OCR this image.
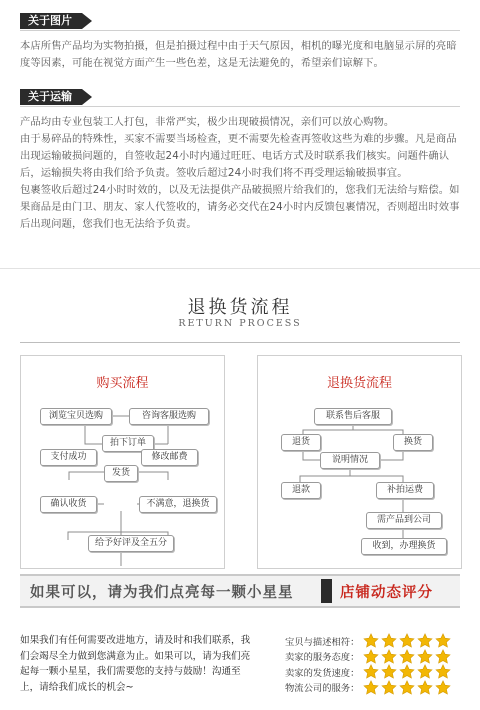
关于图片

本店所售产品均为实物拍摄，但是拍摄过程中由于天气原因，相机的曝光度和电脑显示屏的亮暗度等因素，可能在视觉方面产生一些色差，这是无法避免的，希望亲们谅解下。

关于运输

产品均由专业包装工人打包，非常严实，极少出现破损情况，亲们可以放心购物。

由于易碎品的特殊性，买家不需要当场检查，更不需要先检查再签收这些为难的步骤。凡是商品出现运输破损问题的，自签收起24小时内通过旺旺、电话方式及时联系我们核实。问题件确认后，运输损失将由我们给予负责。签收后超过24小时我们将不再受理运输破损事宜。

包裹签收后超过24小时时效的，以及无法提供产品破损照片给我们的，您我们无法给与赔偿。如果商品是由门卫、朋友、家人代签收的，请务必交代在24小时内反馈包裹情况，否则超出时效事后出现问题，您我们也无法给予负责。

退换货流程
RETURN PROCESS
购买流程
浏览宝贝选购	咨询客服选购
拍下订单
支付成功	修改邮费
发货
确认收货	不满意，退换货
给予好评及全五分
退换货流程
联系售后客服
退货	换货
说明情况
退款	补拍运费
需产品到公司
收到，办理换货
如果可以，请为我们点亮每一颗小星星	店铺动态评分
如果我们有任何需要改进地方，请及时和我们联系，我们会竭尽全力做到您满意为止。如果可以，请为我们亮起每一颗小星星，我们需要您的支持与鼓励！沟通至上，请给我们成长的机会~
宝贝与描述相符：
卖家的服务态度：
卖家的发货速度：
物流公司的服务：
